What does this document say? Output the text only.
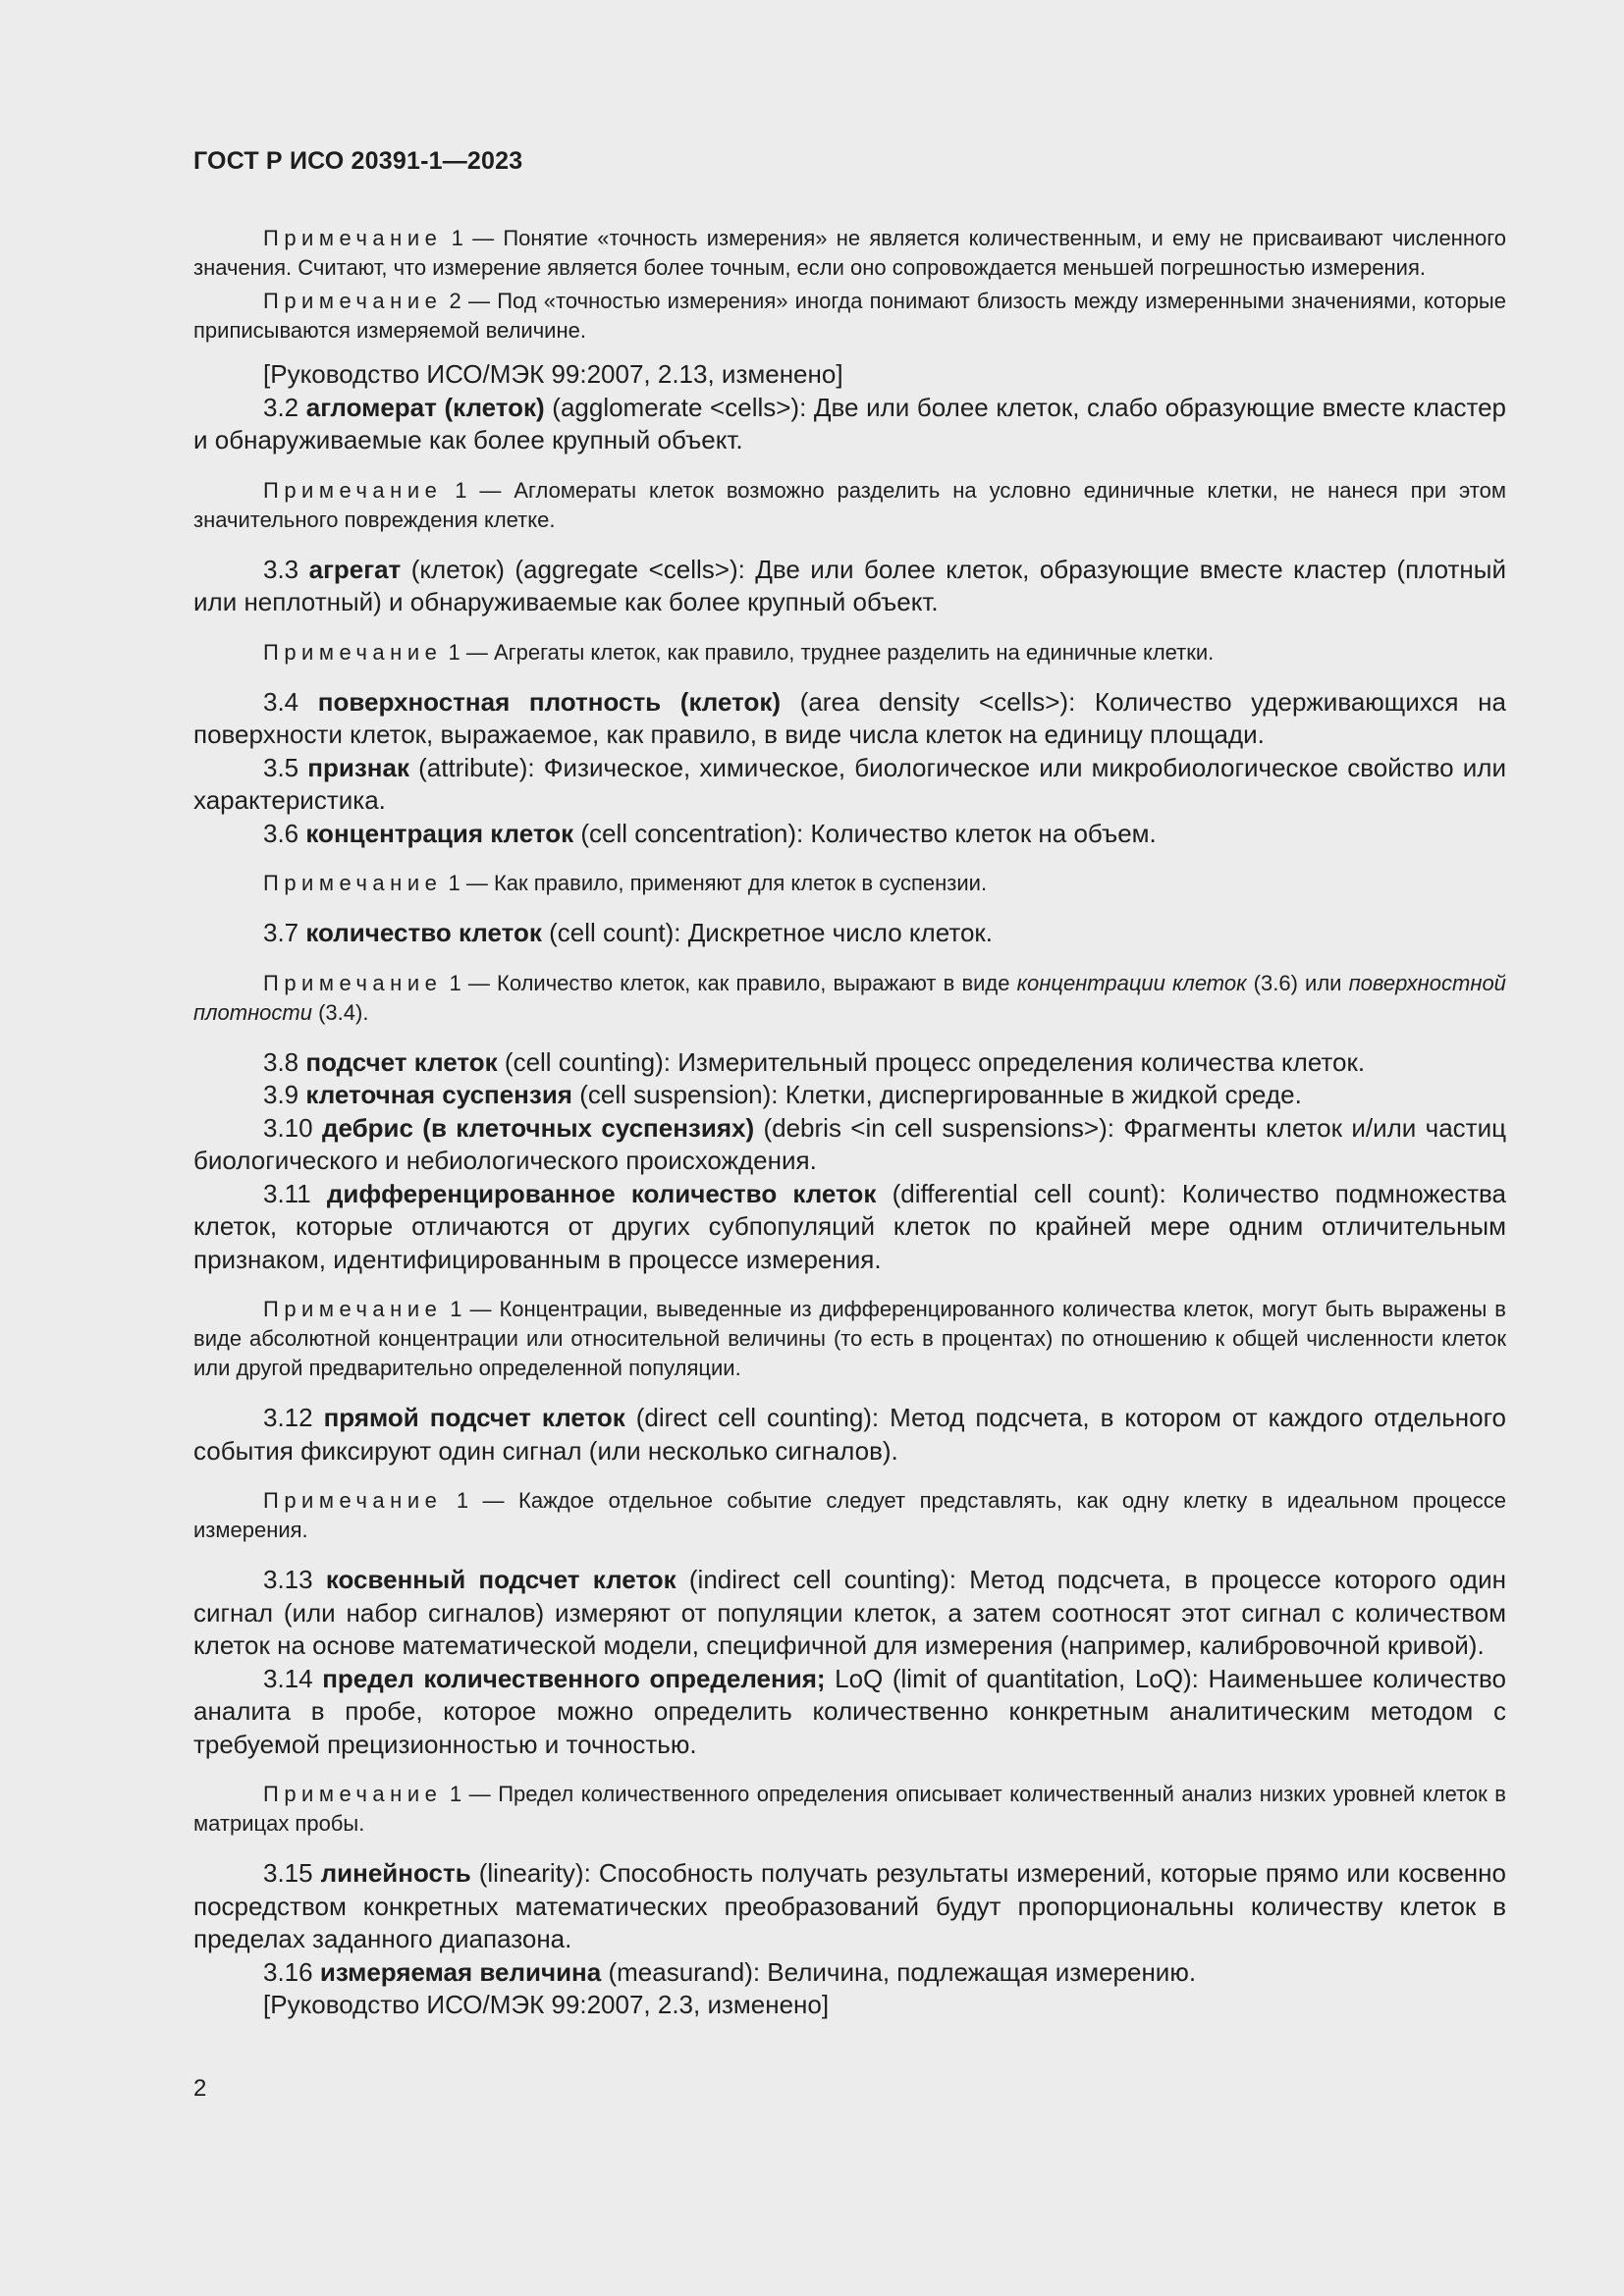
ГОСТ Р ИСО 20391-1—2023

Примечание 1 — Понятие «точность измерения» не является количественным, и ему не присваивают численного значения. Считают, что измерение является более точным, если оно сопровождается меньшей погрешностью измерения.

Примечание 2 — Под «точностью измерения» иногда понимают близость между измеренными значениями, которые приписываются измеряемой величине.

[Руководство ИСО/МЭК 99:2007, 2.13, изменено]

3.2 агломерат (клеток) (agglomerate <cells>): Две или более клеток, слабо образующие вместе кластер и обнаруживаемые как более крупный объект.

Примечание 1 — Агломераты клеток возможно разделить на условно единичные клетки, не нанеся при этом значительного повреждения клетке.

3.3 агрегат (клеток) (aggregate <cells>): Две или более клеток, образующие вместе кластер (плотный или неплотный) и обнаруживаемые как более крупный объект.

Примечание 1 — Агрегаты клеток, как правило, труднее разделить на единичные клетки.

3.4 поверхностная плотность (клеток) (area density <cells>): Количество удерживающихся на поверхности клеток, выражаемое, как правило, в виде числа клеток на единицу площади.

3.5 признак (attribute): Физическое, химическое, биологическое или микробиологическое свойство или характеристика.

3.6 концентрация клеток (cell concentration): Количество клеток на объем.

Примечание 1 — Как правило, применяют для клеток в суспензии.

3.7 количество клеток (cell count): Дискретное число клеток.

Примечание 1 — Количество клеток, как правило, выражают в виде концентрации клеток (3.6) или поверхностной плотности (3.4).

3.8 подсчет клеток (cell counting): Измерительный процесс определения количества клеток.

3.9 клеточная суспензия (cell suspension): Клетки, диспергированные в жидкой среде.

3.10 дебрис (в клеточных суспензиях) (debris <in cell suspensions>): Фрагменты клеток и/или частиц биологического и небиологического происхождения.

3.11 дифференцированное количество клеток (differential cell count): Количество подмножества клеток, которые отличаются от других субпопуляций клеток по крайней мере одним отличительным признаком, идентифицированным в процессе измерения.

Примечание 1 — Концентрации, выведенные из дифференцированного количества клеток, могут быть выражены в виде абсолютной концентрации или относительной величины (то есть в процентах) по отношению к общей численности клеток или другой предварительно определенной популяции.

3.12 прямой подсчет клеток (direct cell counting): Метод подсчета, в котором от каждого отдельного события фиксируют один сигнал (или несколько сигналов).

Примечание 1 — Каждое отдельное событие следует представлять, как одну клетку в идеальном процессе измерения.

3.13 косвенный подсчет клеток (indirect cell counting): Метод подсчета, в процессе которого один сигнал (или набор сигналов) измеряют от популяции клеток, а затем соотносят этот сигнал с количеством клеток на основе математической модели, специфичной для измерения (например, калибровочной кривой).

3.14 предел количественного определения; LoQ (limit of quantitation, LoQ): Наименьшее количество аналита в пробе, которое можно определить количественно конкретным аналитическим методом с требуемой прецизионностью и точностью.

Примечание 1 — Предел количественного определения описывает количественный анализ низких уровней клеток в матрицах пробы.

3.15 линейность (linearity): Способность получать результаты измерений, которые прямо или косвенно посредством конкретных математических преобразований будут пропорциональны количеству клеток в пределах заданного диапазона.

3.16 измеряемая величина (measurand): Величина, подлежащая измерению.

[Руководство ИСО/МЭК 99:2007, 2.3, изменено]

2
